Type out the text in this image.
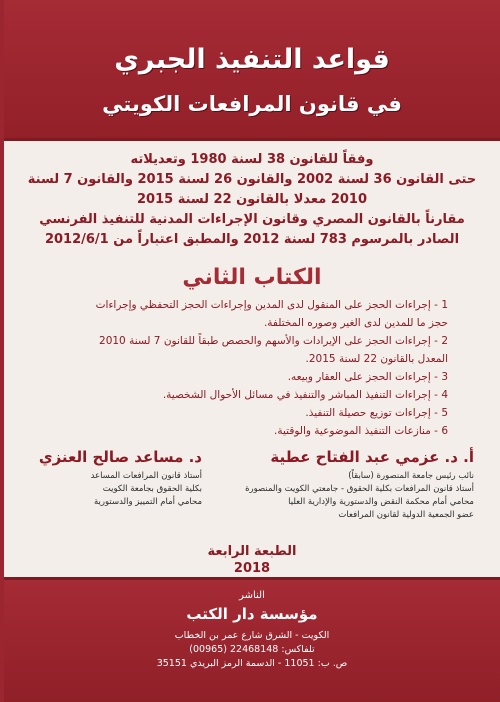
قواعد التنفيذ الجبري
في قانون المرافعات الكويتي
وفقاً للقانون 38 لسنة 1980 وتعديلاته
حتى القانون 36 لسنة 2002 والقانون 26 لسنة 2015 والقانون 7 لسنة
2010 معدلا بالقانون 22 لسنة 2015
مقارناً بالقانون المصري وقانون الإجراءات المدنية للتنفيذ الفرنسي
الصادر بالمرسوم 783 لسنة 2012 والمطبق اعتباراً من 2012/6/1
الكتاب الثاني
1 - إجراءات الحجز على المنقول لدى المدين وإجراءات الحجز التحفظي وإجراءات
حجز ما للمدين لدى الغير وصوره المختلفة.
2 - إجراءات الحجز على الإيرادات والأسهم والحصص طبقاً للقانون 7 لسنة 2010
المعدل بالقانون 22 لسنة 2015.
3 - إجراءات الحجز على العقار وبيعه.
4 - إجراءات التنفيذ المباشر والتنفيذ في مسائل الأحوال الشخصية.
5 - إجراءات توزيع حصيلة التنفيذ.
6 - منازعات التنفيذ الموضوعية والوقتية.
أ. د. عزمي عبد الفتاح عطية
نائب رئيس جامعة المنصورة (سابقاً)
أستاذ قانون المرافعات بكلية الحقوق - جامعتي الكويت والمنصورة
محامي أمام محكمة النقض والدستورية والإدارية العليا
عضو الجمعية الدولية لقانون المرافعات
د. مساعد صالح العنزي
أستاذ قانون المرافعات المساعد
بكلية الحقوق بجامعة الكويت
محامي أمام التمييز والدستورية
الطبعة الرابعة
2018
الناشر
مؤسسة دار الكتب
الكويت - الشرق شارع عمر بن الخطاب
تلفاكس: 22468148 (00965)
ص. ب: 11051 - الدسمة الرمز البريدي 35151
